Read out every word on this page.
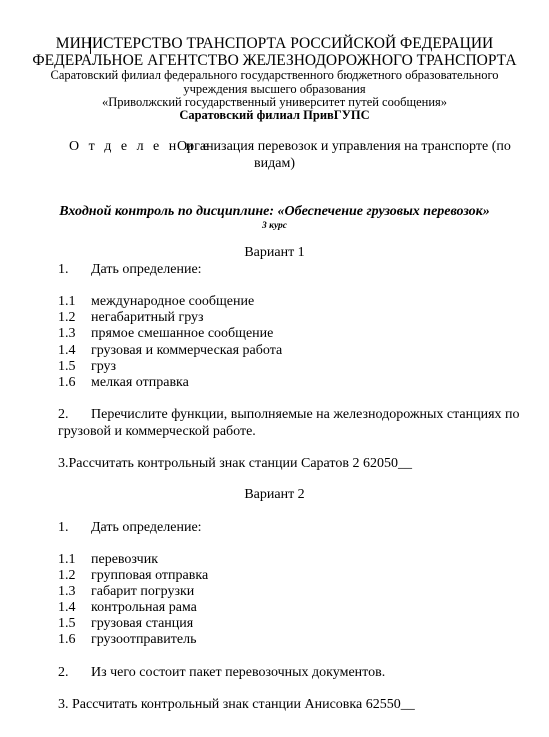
МИНИСТЕРСТВО ТРАНСПОРТА РОССИЙСКОЙ ФЕДЕРАЦИИ
ФЕДЕРАЛЬНОЕ АГЕНТСТВО ЖЕЛЕЗНОДОРОЖНОГО ТРАНСПОРТА
Саратовский филиал федерального государственного бюджетного образовательного
учреждения высшего образования
«Приволжский государственный университет путей сообщения»
Саратовский филиал ПривГУПС
О т д е л е н и е
Организация перевозок и управления на транспорте (по
видам)
Входной контроль по дисциплине: «Обеспечение грузовых перевозок»
3 курс
Вариант 1
1. Дать определение:
1.1 международное сообщение
1.2 негабаритный груз
1.3 прямое смешанное сообщение
1.4 грузовая и коммерческая работа
1.5 груз
1.6 мелкая отправка
2. Перечислите функции, выполняемые на железнодорожных станциях по
грузовой и коммерческой работе.
3.Рассчитать контрольный знак станции Саратов 2 62050__
Вариант 2
1. Дать определение:
1.1 перевозчик
1.2 групповая отправка
1.3 габарит погрузки
1.4 контрольная рама
1.5 грузовая станция
1.6 грузоотправитель
2. Из чего состоит пакет перевозочных документов.
3. Рассчитать контрольный знак станции Анисовка 62550__
